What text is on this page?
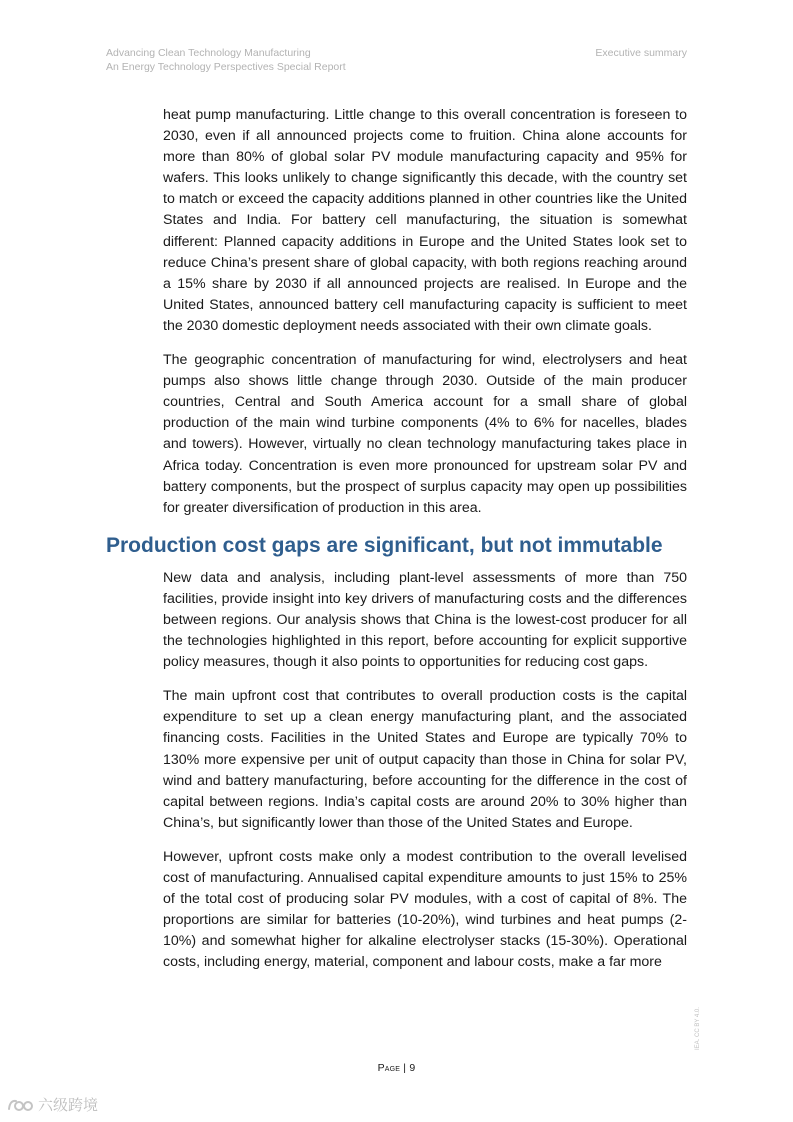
Advancing Clean Technology Manufacturing
An Energy Technology Perspectives Special Report
Executive summary

heat pump manufacturing. Little change to this overall concentration is foreseen to 2030, even if all announced projects come to fruition. China alone accounts for more than 80% of global solar PV module manufacturing capacity and 95% for wafers. This looks unlikely to change significantly this decade, with the country set to match or exceed the capacity additions planned in other countries like the United States and India. For battery cell manufacturing, the situation is somewhat different: Planned capacity additions in Europe and the United States look set to reduce China’s present share of global capacity, with both regions reaching around a 15% share by 2030 if all announced projects are realised. In Europe and the United States, announced battery cell manufacturing capacity is sufficient to meet the 2030 domestic deployment needs associated with their own climate goals.

The geographic concentration of manufacturing for wind, electrolysers and heat pumps also shows little change through 2030. Outside of the main producer countries, Central and South America account for a small share of global production of the main wind turbine components (4% to 6% for nacelles, blades and towers). However, virtually no clean technology manufacturing takes place in Africa today. Concentration is even more pronounced for upstream solar PV and battery components, but the prospect of surplus capacity may open up possibilities for greater diversification of production in this area.

Production cost gaps are significant, but not immutable

New data and analysis, including plant-level assessments of more than 750 facilities, provide insight into key drivers of manufacturing costs and the differences between regions. Our analysis shows that China is the lowest-cost producer for all the technologies highlighted in this report, before accounting for explicit supportive policy measures, though it also points to opportunities for reducing cost gaps.

The main upfront cost that contributes to overall production costs is the capital expenditure to set up a clean energy manufacturing plant, and the associated financing costs. Facilities in the United States and Europe are typically 70% to 130% more expensive per unit of output capacity than those in China for solar PV, wind and battery manufacturing, before accounting for the difference in the cost of capital between regions. India’s capital costs are around 20% to 30% higher than China’s, but significantly lower than those of the United States and Europe.

However, upfront costs make only a modest contribution to the overall levelised cost of manufacturing. Annualised capital expenditure amounts to just 15% to 25% of the total cost of producing solar PV modules, with a cost of capital of 8%. The proportions are similar for batteries (10-20%), wind turbines and heat pumps (2-10%) and somewhat higher for alkaline electrolyser stacks (15-30%). Operational costs, including energy, material, component and labour costs, make a far more

Page | 9
IEA. CC BY 4.0.
六级跨境
